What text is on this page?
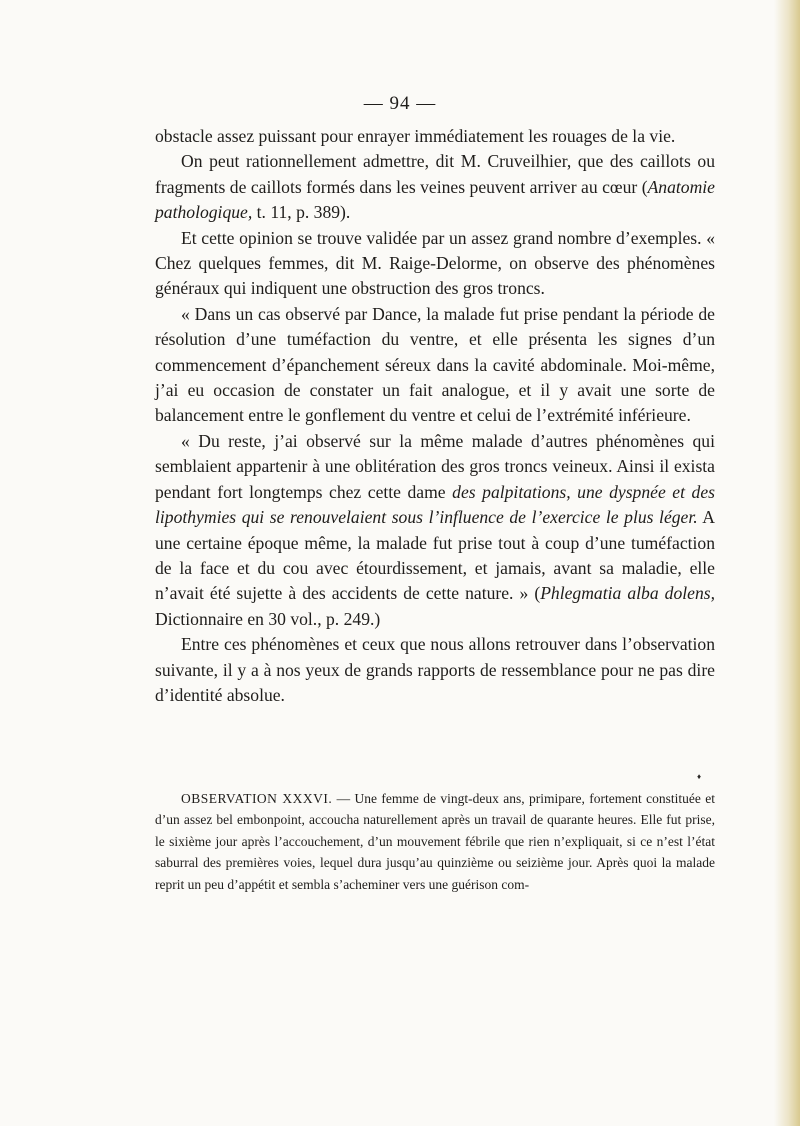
— 94 —

obstacle assez puissant pour enrayer immédiatement les rouages de la vie.

On peut rationnellement admettre, dit M. Cruveilhier, que des caillots ou fragments de caillots formés dans les veines peuvent arriver au cœur (Anatomie pathologique, t. 11, p. 389).

Et cette opinion se trouve validée par un assez grand nombre d’exemples. « Chez quelques femmes, dit M. Raige-Delorme, on observe des phénomènes généraux qui indiquent une obstruction des gros troncs.

« Dans un cas observé par Dance, la malade fut prise pendant la période de résolution d’une tuméfaction du ventre, et elle présenta les signes d’un commencement d’épanchement séreux dans la cavité abdominale. Moi-même, j’ai eu occasion de constater un fait analogue, et il y avait une sorte de balancement entre le gonflement du ventre et celui de l’extrémité inférieure.

« Du reste, j’ai observé sur la même malade d’autres phénomènes qui semblaient appartenir à une oblitération des gros troncs veineux. Ainsi il exista pendant fort longtemps chez cette dame des palpitations, une dyspnée et des lipothymies qui se renouvelaient sous l’influence de l’exercice le plus léger. A une certaine époque même, la malade fut prise tout à coup d’une tuméfaction de la face et du cou avec étourdissement, et jamais, avant sa maladie, elle n’avait été sujette à des accidents de cette nature. » (Phlegmatia alba dolens, Dictionnaire en 30 vol., p. 249.)

Entre ces phénomènes et ceux que nous allons retrouver dans l’observation suivante, il y a à nos yeux de grands rapports de ressemblance pour ne pas dire d’identité absolue.

♦

OBSERVATION XXXVI. — Une femme de vingt-deux ans, primipare, fortement constituée et d’un assez bel embonpoint, accoucha naturellement après un travail de quarante heures. Elle fut prise, le sixième jour après l’accouchement, d’un mouvement fébrile que rien n’expliquait, si ce n’est l’état saburral des premières voies, lequel dura jusqu’au quinzième ou seizième jour. Après quoi la malade reprit un peu d’appétit et sembla s’acheminer vers une guérison com-
